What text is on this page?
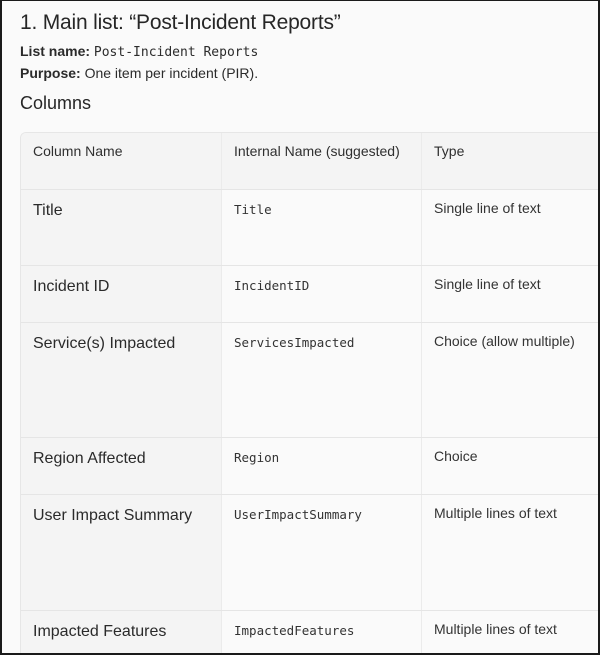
1. Main list: “Post-Incident Reports”
List name: Post-Incident Reports
Purpose: One item per incident (PIR).
Columns
Column Name	Internal Name (suggested)	Type
Title	Title	Single line of text
Incident ID	IncidentID	Single line of text
Service(s) Impacted	ServicesImpacted	Choice (allow multiple)
Region Affected	Region	Choice
User Impact Summary	UserImpactSummary	Multiple lines of text
Impacted Features	ImpactedFeatures	Multiple lines of text
